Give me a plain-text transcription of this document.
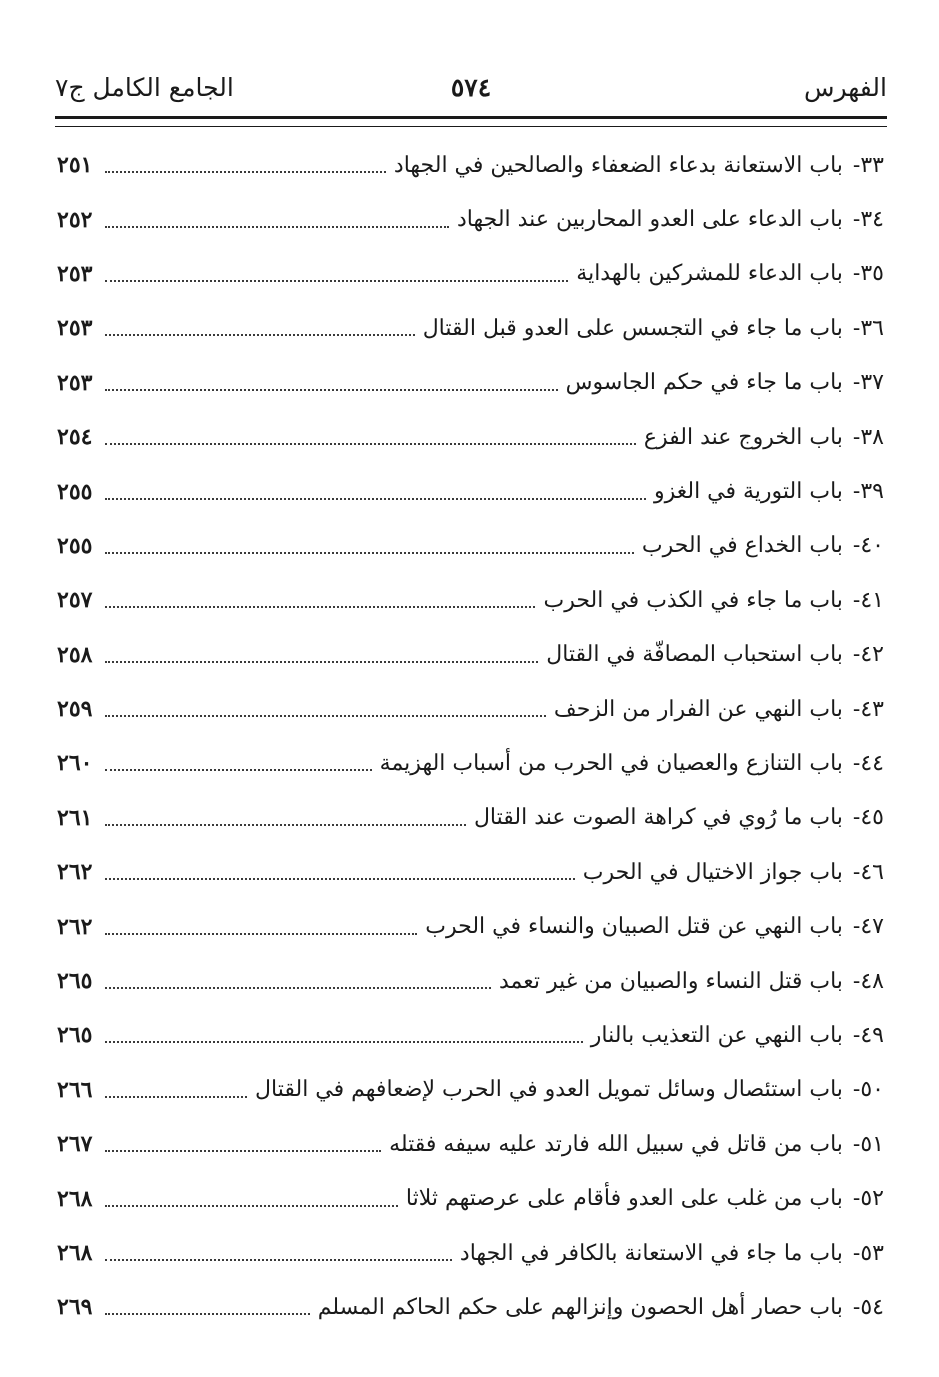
الفهرس
٥٧٤
الجامع الكامل ج٧
٣٣-باب الاستعانة بدعاء الضعفاء والصالحين في الجهاد
٢٥١
٣٤-باب الدعاء على العدو المحاربين عند الجهاد
٢٥٢
٣٥-باب الدعاء للمشركين بالهداية
٢٥٣
٣٦-باب ما جاء في التجسس على العدو قبل القتال
٢٥٣
٣٧-باب ما جاء في حكم الجاسوس
٢٥٣
٣٨-باب الخروج عند الفزع
٢٥٤
٣٩-باب التورية في الغزو
٢٥٥
٤٠-باب الخداع في الحرب
٢٥٥
٤١-باب ما جاء في الكذب في الحرب
٢٥٧
٤٢-باب استحباب المصافّة في القتال
٢٥٨
٤٣-باب النهي عن الفرار من الزحف
٢٥٩
٤٤-باب التنازع والعصيان في الحرب من أسباب الهزيمة
٢٦٠
٤٥-باب ما رُوي في كراهة الصوت عند القتال
٢٦١
٤٦-باب جواز الاختيال في الحرب
٢٦٢
٤٧-باب النهي عن قتل الصبيان والنساء في الحرب
٢٦٢
٤٨-باب قتل النساء والصبيان من غير تعمد
٢٦٥
٤٩-باب النهي عن التعذيب بالنار
٢٦٥
٥٠-باب استئصال وسائل تمويل العدو في الحرب لإضعافهم في القتال
٢٦٦
٥١-باب من قاتل في سبيل الله فارتد عليه سيفه فقتله
٢٦٧
٥٢-باب من غلب على العدو فأقام على عرصتهم ثلاثا
٢٦٨
٥٣-باب ما جاء في الاستعانة بالكافر في الجهاد
٢٦٨
٥٤-باب حصار أهل الحصون وإنزالهم على حكم الحاكم المسلم
٢٦٩
